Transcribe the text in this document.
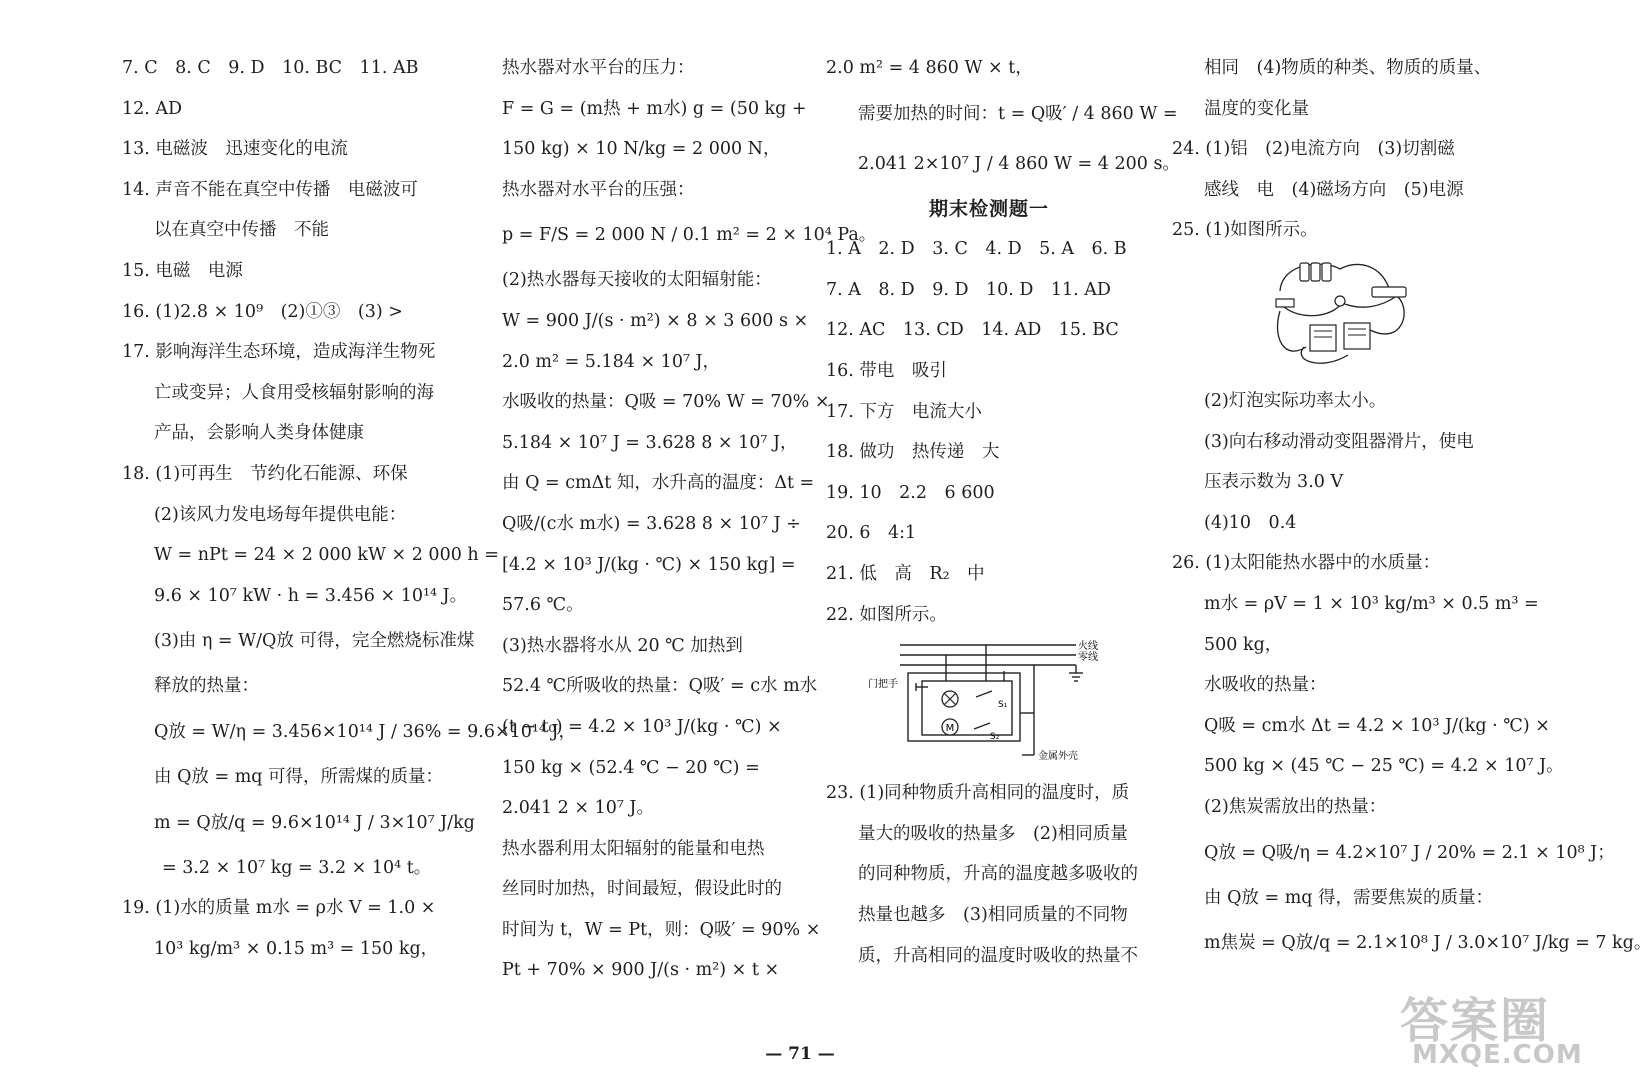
7. C　8. C　9. D　10. BC　11. AB
12. AD
13. 电磁波　迅速变化的电流
14. 声音不能在真空中传播　电磁波可
以在真空中传播　不能
15. 电磁　电源
16. (1)2.8 × 10⁹　(2)①③　(3) >
17. 影响海洋生态环境，造成海洋生物死
亡或变异；人食用受核辐射影响的海
产品，会影响人类身体健康
18. (1)可再生　节约化石能源、环保
(2)该风力发电场每年提供电能：
W = nPt = 24 × 2 000 kW × 2 000 h =
9.6 × 10⁷ kW · h = 3.456 × 10¹⁴ J。
(3)由 η = W/Q放 可得，完全燃烧标准煤
释放的热量：
Q放 = W/η = 3.456×10¹⁴ J / 36% = 9.6×10¹⁴ J，
由 Q放 = mq 可得，所需煤的质量：
m = Q放/q = 9.6×10¹⁴ J / 3×10⁷ J/kg
= 3.2 × 10⁷ kg = 3.2 × 10⁴ t。
19. (1)水的质量 m水 = ρ水 V = 1.0 ×
10³ kg/m³ × 0.15 m³ = 150 kg，
热水器对水平台的压力：
F = G = (m热 + m水) g = (50 kg +
150 kg) × 10 N/kg = 2 000 N，
热水器对水平台的压强：
p = F/S = 2 000 N / 0.1 m² = 2 × 10⁴ Pa。
(2)热水器每天接收的太阳辐射能：
W = 900 J/(s · m²) × 8 × 3 600 s ×
2.0 m² = 5.184 × 10⁷ J，
水吸收的热量：Q吸 = 70% W = 70% ×
5.184 × 10⁷ J = 3.628 8 × 10⁷ J，
由 Q = cmΔt 知，水升高的温度：Δt =
Q吸/(c水 m水) = 3.628 8 × 10⁷ J ÷
[4.2 × 10³ J/(kg · ℃) × 150 kg] =
57.6 ℃。
(3)热水器将水从 20 ℃ 加热到
52.4 ℃所吸收的热量：Q吸′ = c水 m水
(t − t₀) = 4.2 × 10³ J/(kg · ℃) ×
150 kg × (52.4 ℃ − 20 ℃) =
2.041 2 × 10⁷ J。
热水器利用太阳辐射的能量和电热
丝同时加热，时间最短，假设此时的
时间为 t，W = Pt，则：Q吸′ = 90% ×
Pt + 70% × 900 J/(s · m²) × t ×
2.0 m² = 4 860 W × t，
需要加热的时间：t = Q吸′ / 4 860 W =
2.041 2×10⁷ J / 4 860 W = 4 200 s。
期末检测题一
1. A　2. D　3. C　4. D　5. A　6. B
7. A　8. D　9. D　10. D　11. AD
12. AC　13. CD　14. AD　15. BC
16. 带电　吸引
17. 下方　电流大小
18. 做功　热传递　大
19. 10　2.2　6 600
20. 6　4:1
21. 低　高　R₂　中
22. 如图所示。
M
火线
零线
门把手
S₁
S₂
金属外壳
23. (1)同种物质升高相同的温度时，质
量大的吸收的热量多　(2)相同质量
的同种物质，升高的温度越多吸收的
热量也越多　(3)相同质量的不同物
质，升高相同的温度时吸收的热量不
相同　(4)物质的种类、物质的质量、
温度的变化量
24. (1)铝　(2)电流方向　(3)切割磁
感线　电　(4)磁场方向　(5)电源
25. (1)如图所示。
(2)灯泡实际功率太小。
(3)向右移动滑动变阻器滑片，使电
压表示数为 3.0 V
(4)10　0.4
26. (1)太阳能热水器中的水质量：
m水 = ρV = 1 × 10³ kg/m³ × 0.5 m³ =
500 kg，
水吸收的热量：
Q吸 = cm水 Δt = 4.2 × 10³ J/(kg · ℃) ×
500 kg × (45 ℃ − 25 ℃) = 4.2 × 10⁷ J。
(2)焦炭需放出的热量：
Q放 = Q吸/η = 4.2×10⁷ J / 20% = 2.1 × 10⁸ J；
由 Q放 = mq 得，需要焦炭的质量：
m焦炭 = Q放/q = 2.1×10⁸ J / 3.0×10⁷ J/kg = 7 kg。
— 71 —
答案圈
MXQE.COM
